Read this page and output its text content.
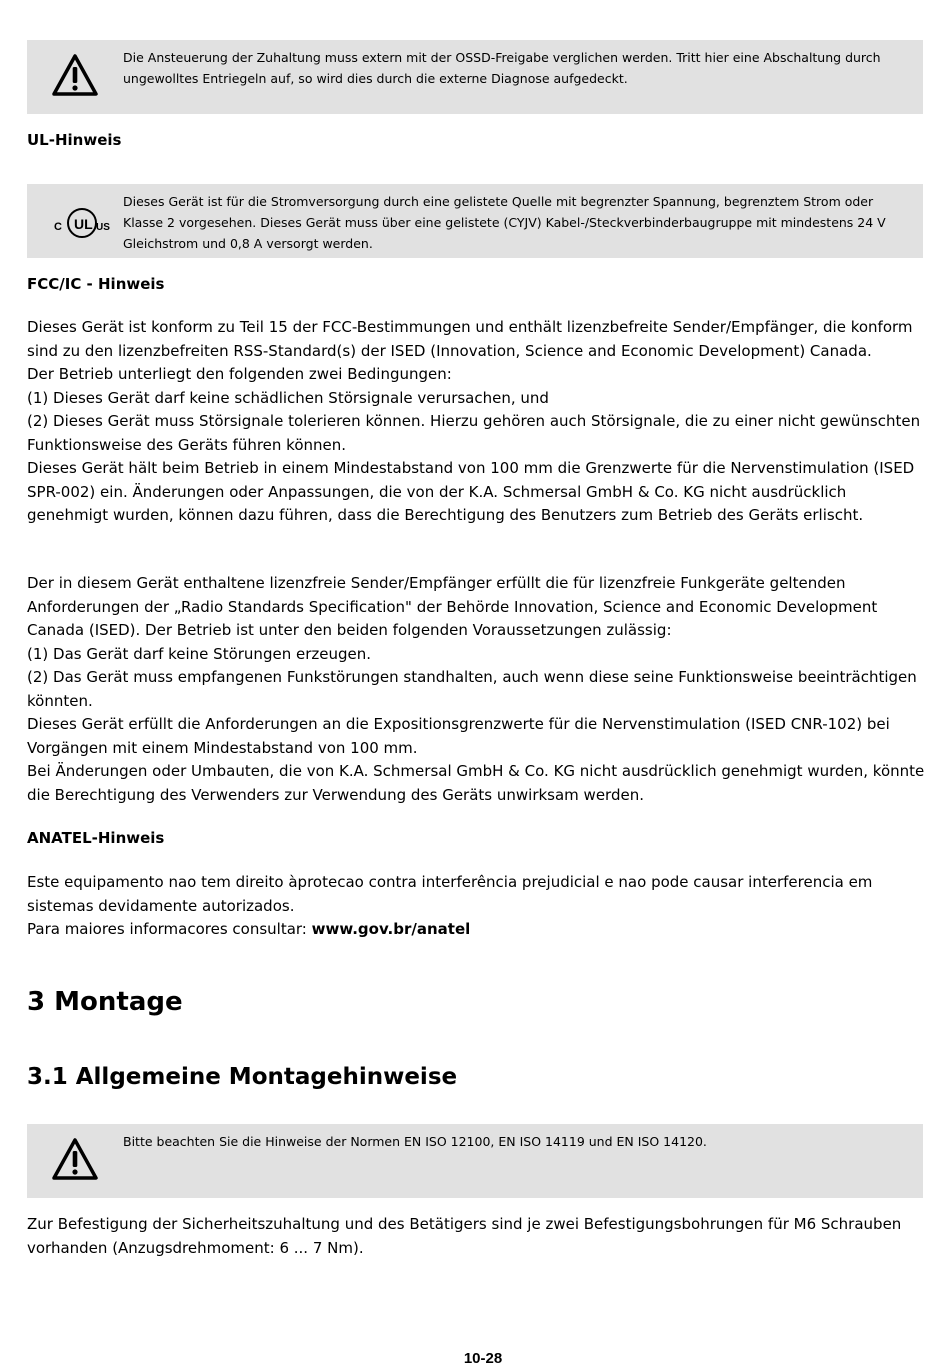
Die Ansteuerung der Zuhaltung muss extern mit der OSSD-Freigabe verglichen werden. Tritt hier eine Abschaltung durch ungewolltes Entriegeln auf, so wird dies durch die externe Diagnose aufgedeckt.
UL-Hinweis
C UL US
Dieses Gerät ist für die Stromversorgung durch eine gelistete Quelle mit begrenzter Spannung, begrenztem Strom oder Klasse 2 vorgesehen. Dieses Gerät muss über eine gelistete (CYJV) Kabel-/Steckverbinderbaugruppe mit mindestens 24 V Gleichstrom und 0,8 A versorgt werden.
FCC/IC - Hinweis

Dieses Gerät ist konform zu Teil 15 der FCC-Bestimmungen und enthält lizenzbefreite Sender/Empfänger, die konform sind zu den lizenzbefreiten RSS-Standard(s) der ISED (Innovation, Science and Economic Development) Canada.

Der Betrieb unterliegt den folgenden zwei Bedingungen:

(1) Dieses Gerät darf keine schädlichen Störsignale verursachen, und

(2) Dieses Gerät muss Störsignale tolerieren können. Hierzu gehören auch Störsignale, die zu einer nicht gewünschten Funktionsweise des Geräts führen können.

Dieses Gerät hält beim Betrieb in einem Mindestabstand von 100 mm die Grenzwerte für die Nervenstimulation (ISED SPR-002) ein. Änderungen oder Anpassungen, die von der K.A. Schmersal GmbH & Co. KG nicht ausdrücklich genehmigt wurden, können dazu führen, dass die Berechtigung des Benutzers zum Betrieb des Geräts erlischt.

Der in diesem Gerät enthaltene lizenzfreie Sender/Empfänger erfüllt die für lizenzfreie Funkgeräte geltenden Anforderungen der „Radio Standards Specification" der Behörde Innovation, Science and Economic Development Canada (ISED). Der Betrieb ist unter den beiden folgenden Voraussetzungen zulässig:

(1) Das Gerät darf keine Störungen erzeugen.

(2) Das Gerät muss empfangenen Funkstörungen standhalten, auch wenn diese seine Funktionsweise beeinträchtigen könnten.

Dieses Gerät erfüllt die Anforderungen an die Expositionsgrenzwerte für die Nervenstimulation (ISED CNR-102) bei Vorgängen mit einem Mindestabstand von 100 mm.

Bei Änderungen oder Umbauten, die von K.A. Schmersal GmbH & Co. KG nicht ausdrücklich genehmigt wurden, könnte die Berechtigung des Verwenders zur Verwendung des Geräts unwirksam werden.

ANATEL-Hinweis

Este equipamento nao tem direito àprotecao contra interferência prejudicial e nao pode causar interferencia em sistemas devidamente autorizados.

Para maiores informacores consultar: www.gov.br/anatel

3 Montage
3.1 Allgemeine Montagehinweise
Bitte beachten Sie die Hinweise der Normen EN ISO 12100, EN ISO 14119 und EN ISO 14120.
Zur Befestigung der Sicherheitszuhaltung und des Betätigers sind je zwei Befestigungsbohrungen für M6 Schrauben vorhanden (Anzugsdrehmoment: 6 ... 7 Nm).
10-28
